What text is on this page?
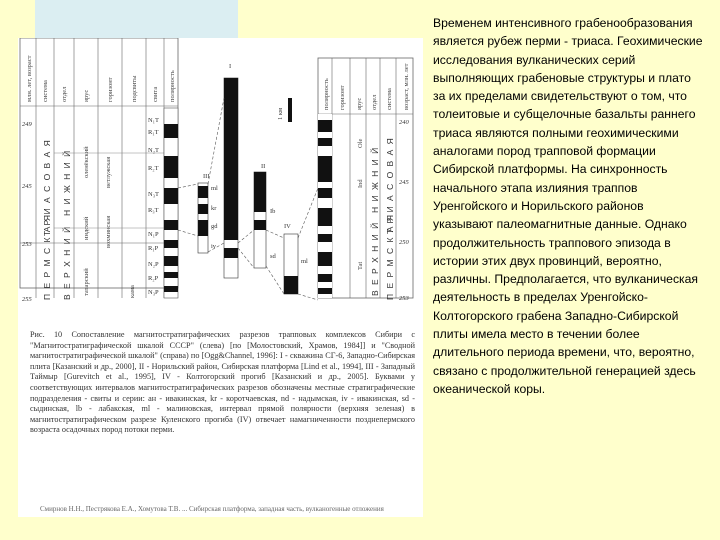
млн. лет, возраст система отдел ярус	горизонт	подсвиты свита полярность
249
245
253
255
Т Р И А С О В А Я
П Е Р М С К А Я
Н И Ж Н И Й
В Е Р Х Н И Й
оленёкский
индский
татарский
ветлужская
вохминская
кама
N₁T
R₁T
N₂T
R₂T
N₃T
R₃T
N₁P
R₁P
N₂P
R₂P
N₃P
I
III
ml
kr
gd
iv
II
Ib
sd
IV
ml
1 км
полярность горизонт ярус отдел система возраст, млн. лет
Ole
Ind
Tat
Н И Ж Н И Й
В Е Р Х Н И Й
Т Р И А С О В А Я
П Е Р М С К А Я
240
245
250
253

Рис. 10 Сопоставление магнитостратиграфических разрезов трапповых комплексов Сибири с "Магнитостратиграфической шкалой СССР" (слева) [по [Молостовский, Храмов, 1984]] и "Сводной магнитостратиграфической шкалой" (справа) по [Ogg&Channel, 1996]: I - скважина СГ-6, Западно-Сибирская плита [Казанский и др., 2000], II - Норильский район, Сибирская платформа [Lind et al., 1994], III - Западный Таймыр [Gurevitch et al., 1995], IV - Колтогорский прогиб [Казанский и др., 2005]. Буквами у соответствующих интервалов магнитостратиграфических разрезов обозначены местные стратиграфические подразделения - свиты и серии: ан - ивакинская, kr - коротчаевская, nd - надымская, iv - ивакинская, sd - сыдинская, lb - лабакская, ml - малиновская, интервал прямой полярности (верхняя зеленая) в магнитостратиграфическом разрезе Куленского прогиба (IV) отвечает намагниченности позднепермского возраста осадочных пород потоки перми.

Смирнов Н.Н., Пестрякова Е.А., Хомутова Т.В. ... Сибирская платформа, западная часть, вулканогенные отложения

Временем интенсивного грабенообразования является рубеж перми - триаса. Геохимические исследования вулканических серий выполняющих грабеновые структуры и плато за их пределами свидетельствуют о том, что толеитовые и субщелочные базальты раннего триаса являются полными геохимическими аналогами пород трапповой формации Сибирской платформы. На синхронность начального этапа излияния траппов Уренгойского и Норильского районов указывают палеомагнитные данные. Однако продолжительность траппового эпизода в истории этих двух провинций, вероятно, различны. Предполагается, что вулканическая деятельность в пределах Уренгойско-Колтогорского грабена Западно-Сибирской плиты имела место в течении более длительного периода времени, что, вероятно, связано с продолжительной генерацией здесь океанической коры.
